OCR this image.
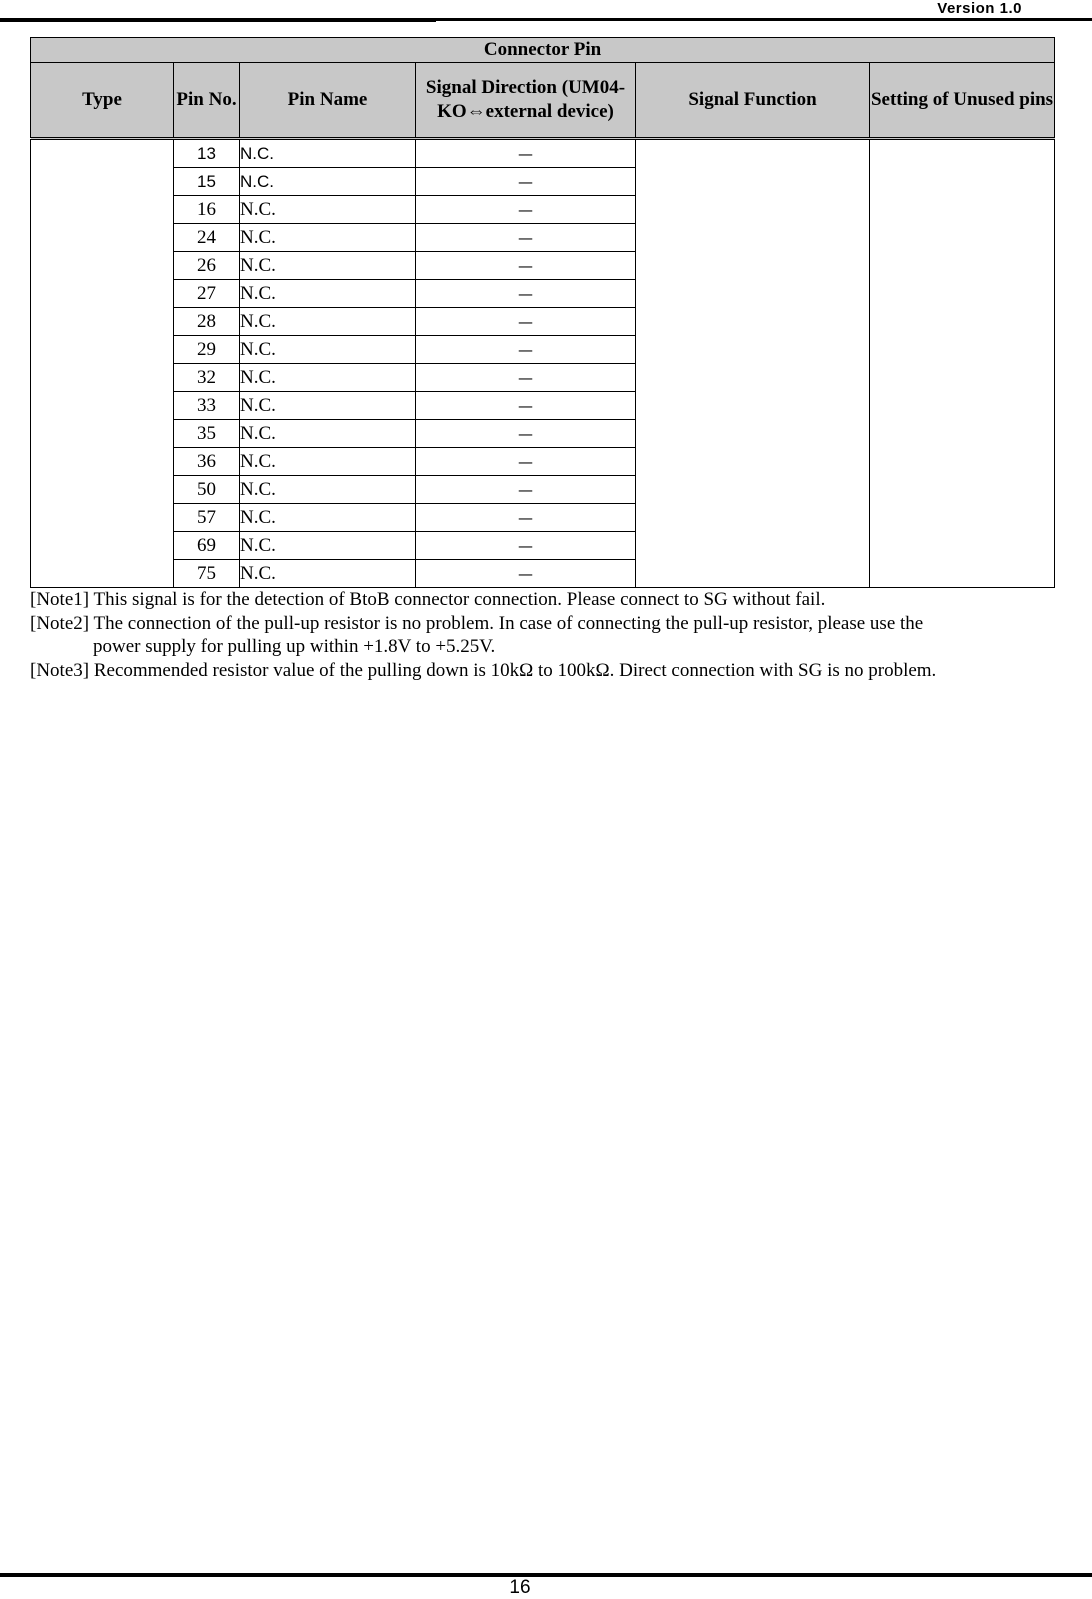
Version 1.0
Connector Pin					
Type	Pin No.	Pin Name	Signal Direction (UM04-KO⇔external device)	Signal Function	Setting of Unused pins
	13	N.C.	—		
	15	N.C.	—		
	16	N.C.	—		
	24	N.C.	—		
	26	N.C.	—		
	27	N.C.	—		
	28	N.C.	—		
	29	N.C.	—		
	32	N.C.	—		
	33	N.C.	—		
	35	N.C.	—		
	36	N.C.	—		
	50	N.C.	—		
	57	N.C.	—		
	69	N.C.	—		
	75	N.C.	—		
[Note1] This signal is for the detection of BtoB connector connection. Please connect to SG without fail.
[Note2] The connection of the pull-up resistor is no problem. In case of connecting the pull-up resistor, please use the
power supply for pulling up within +1.8V to +5.25V.
[Note3] Recommended resistor value of the pulling down is 10kΩ to 100kΩ. Direct connection with SG is no problem.
16
